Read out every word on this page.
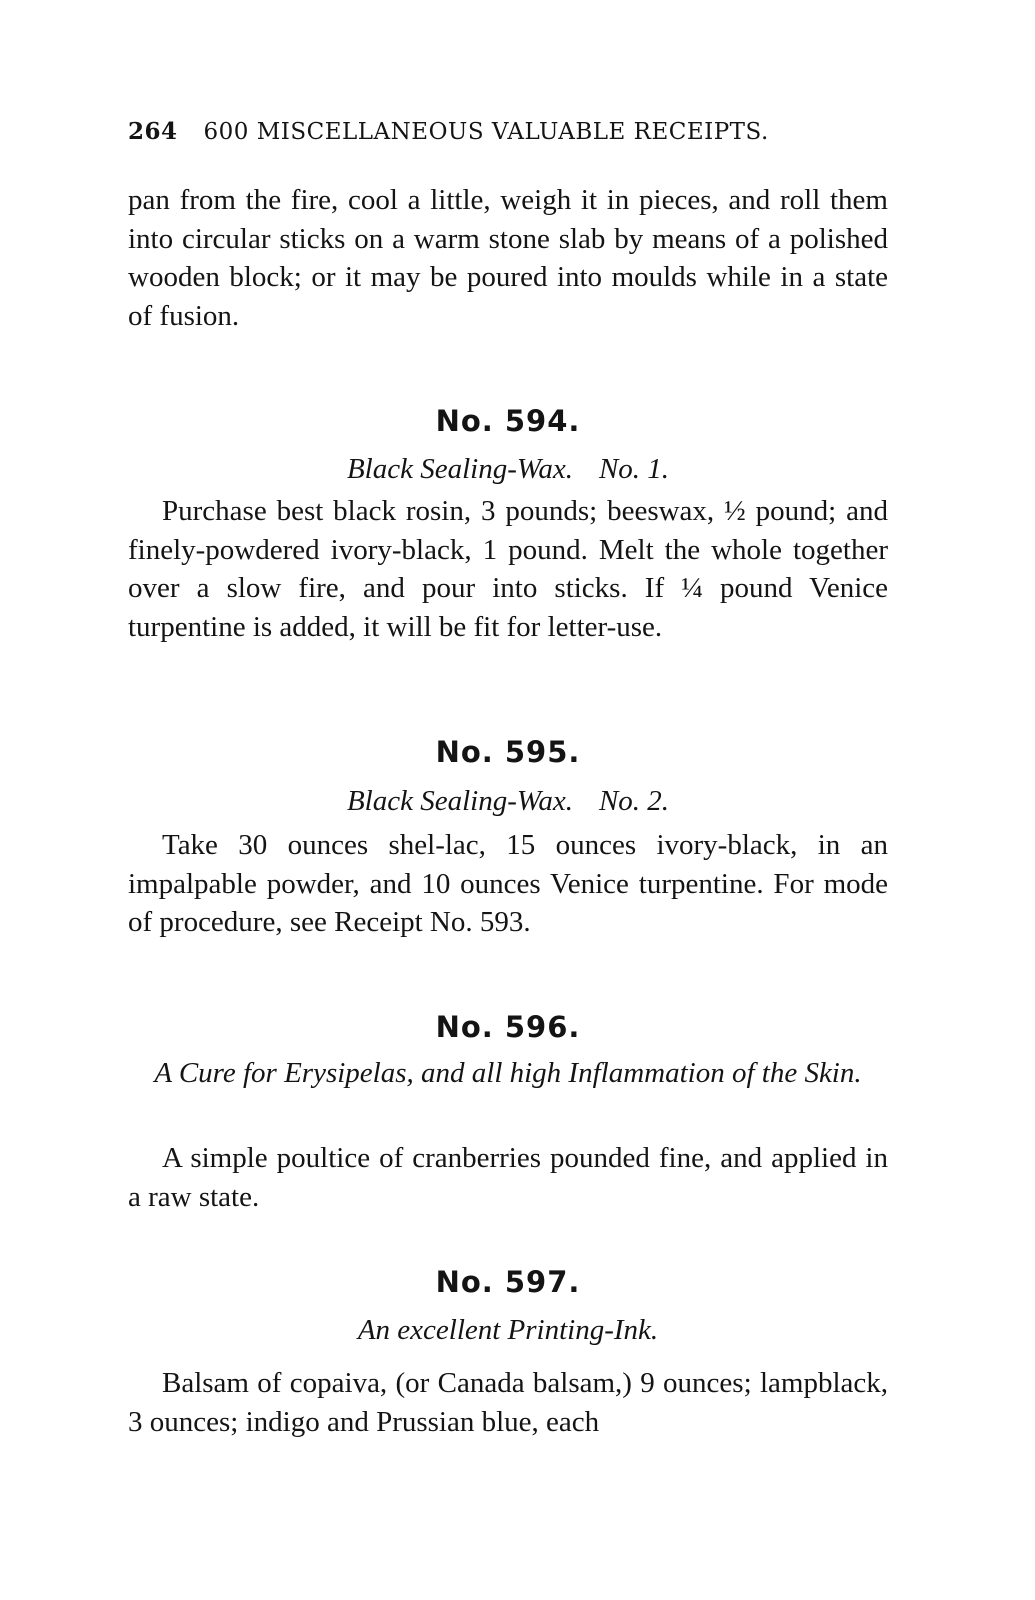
264 600 MISCELLANEOUS VALUABLE RECEIPTS.
pan from the fire, cool a little, weigh it in pieces, and roll them into circular sticks on a warm stone slab by means of a polished wooden block; or it may be poured into moulds while in a state of fusion.
No. 594.
Black Sealing-Wax. No. 1.
Purchase best black rosin, 3 pounds; beeswax, ½ pound; and finely-powdered ivory-black, 1 pound. Melt the whole together over a slow fire, and pour into sticks. If ¼ pound Venice turpentine is added, it will be fit for letter-use.
No. 595.
Black Sealing-Wax. No. 2.
Take 30 ounces shel-lac, 15 ounces ivory-black, in an impalpable powder, and 10 ounces Venice turpentine. For mode of procedure, see Receipt No. 593.
No. 596.
A Cure for Erysipelas, and all high Inflammation of the Skin.
A simple poultice of cranberries pounded fine, and applied in a raw state.
No. 597.
An excellent Printing-Ink.
Balsam of copaiva, (or Canada balsam,) 9 ounces; lampblack, 3 ounces; indigo and Prussian blue, each
